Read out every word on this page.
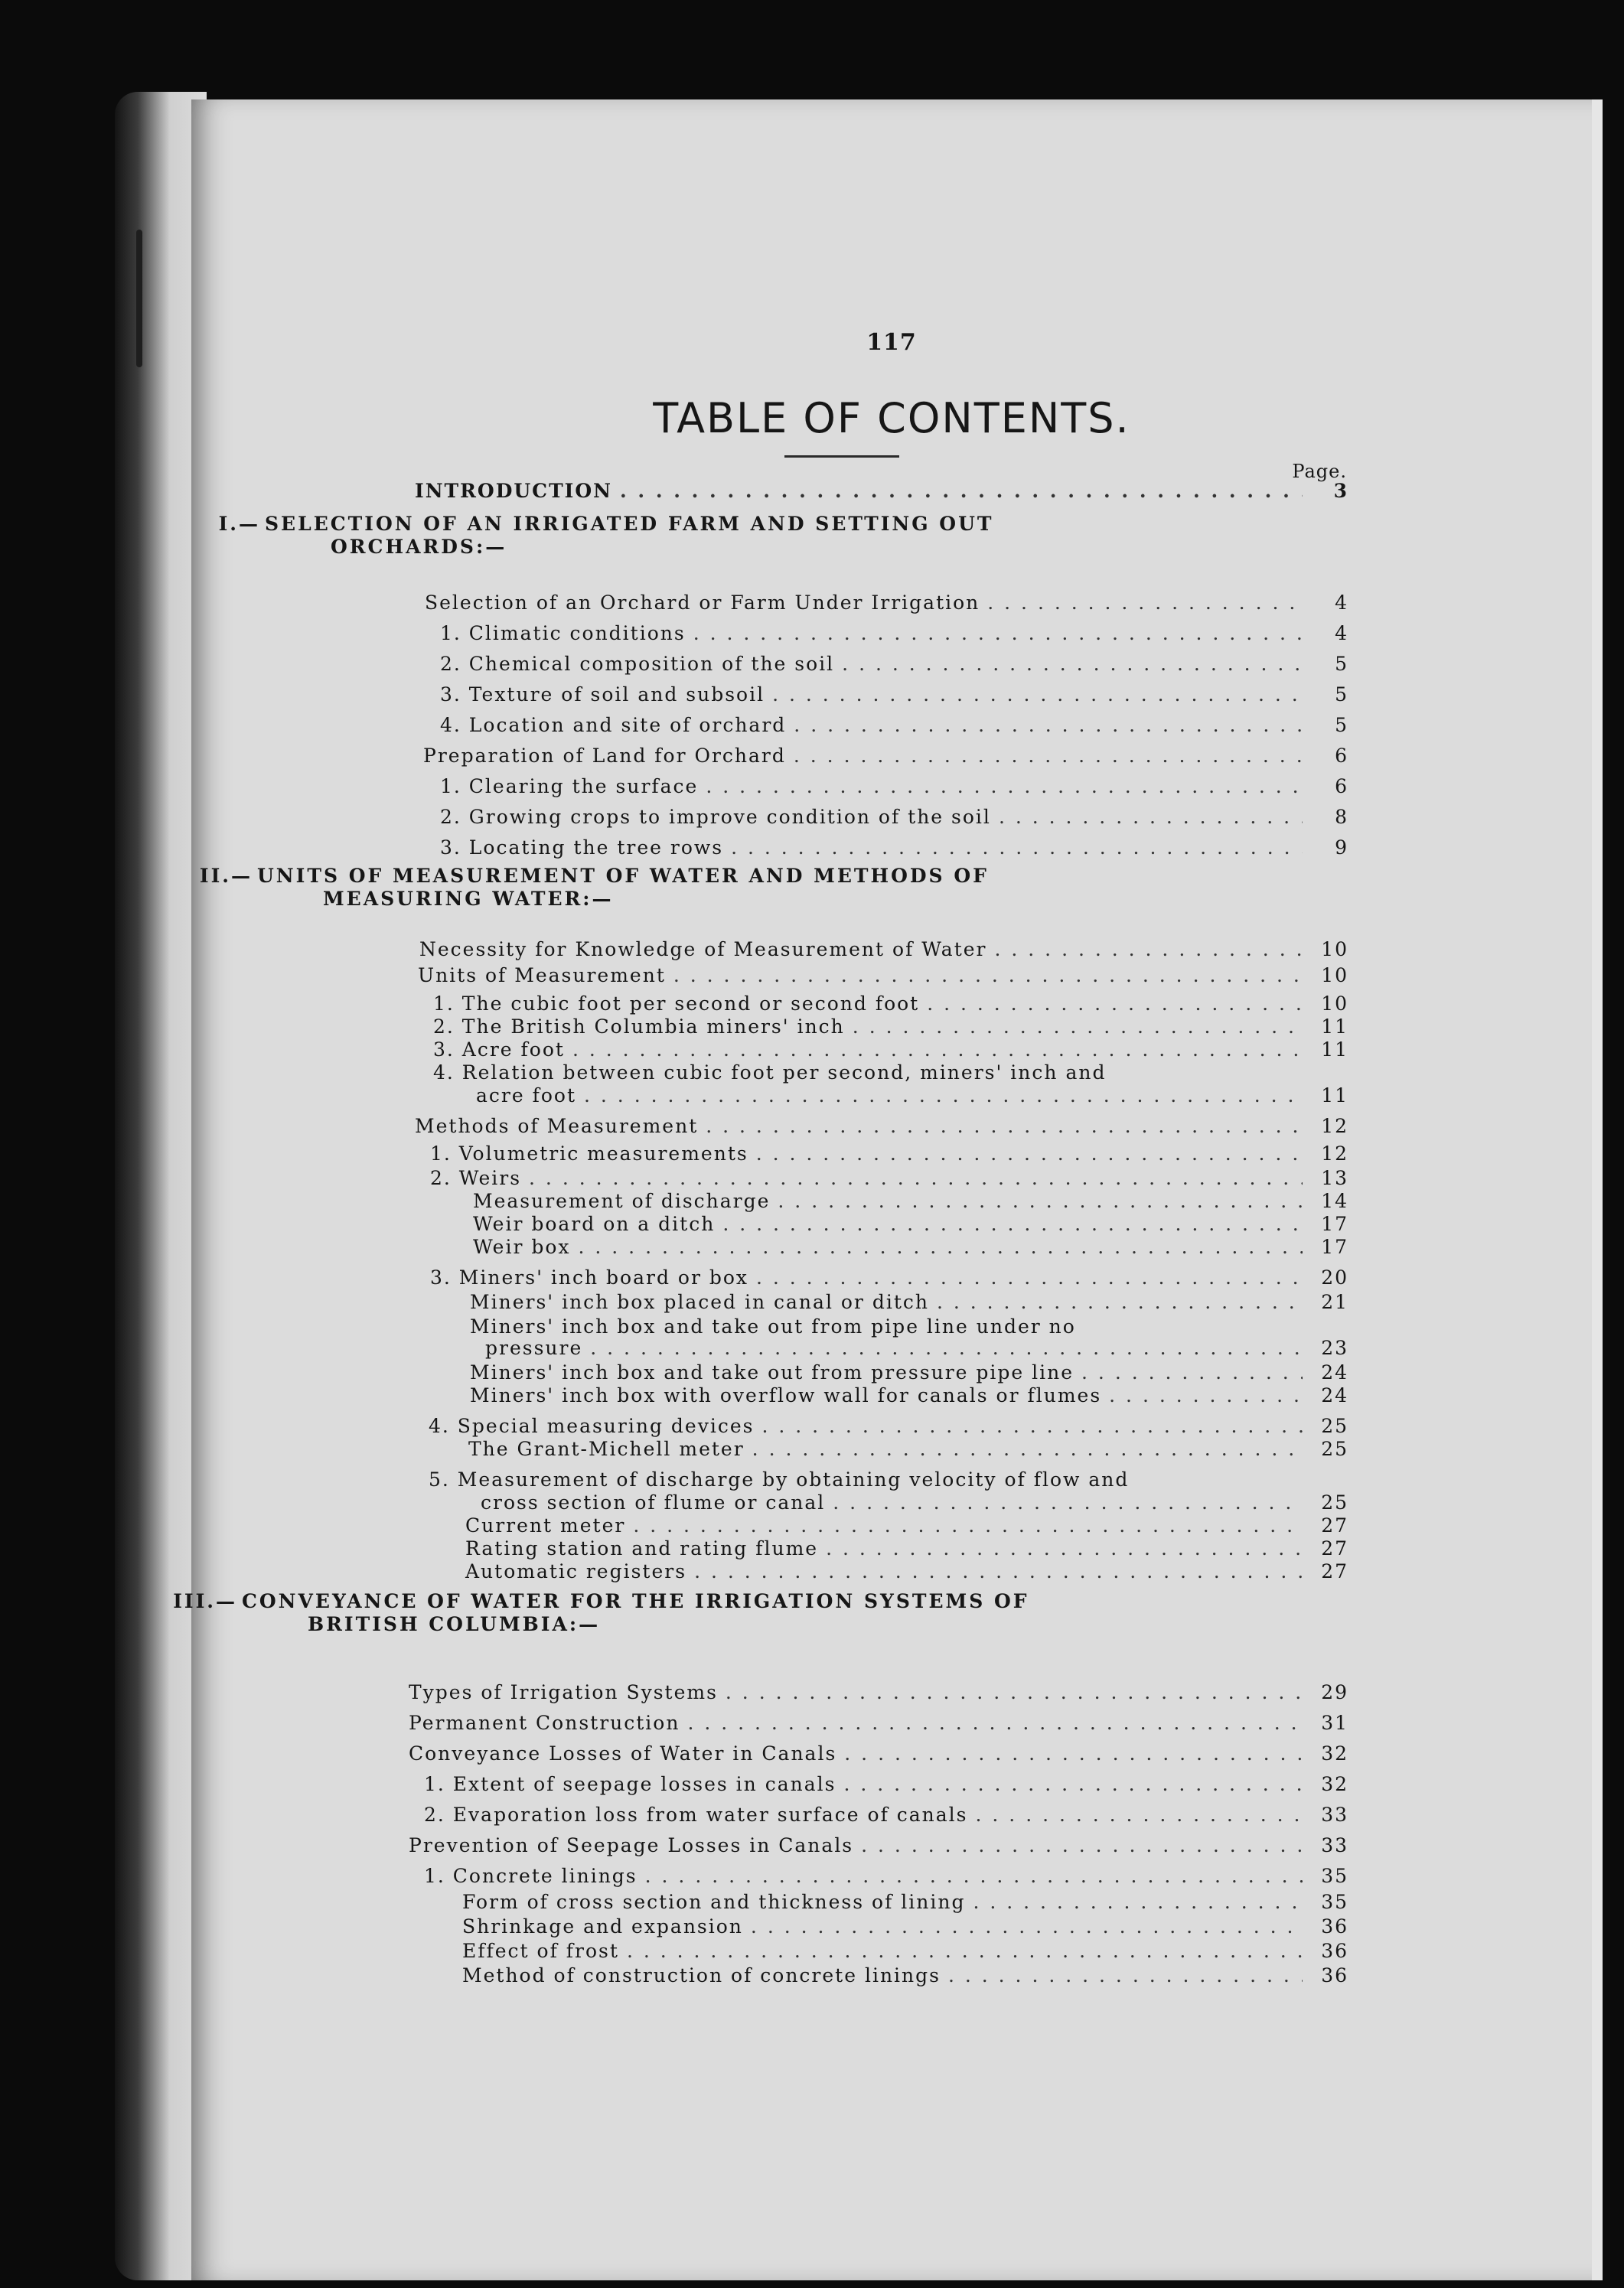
117
TABLE OF CONTENTS.
Page.
INTRODUCTION . . .	3
I.— SELECTION OF AN IRRIGATED FARM AND SETTING OUT
ORCHARDS:—
Selection of an Orchard or Farm Under Irrigation . . .	4
1. Climatic conditions . . .	4
2. Chemical composition of the soil . . .	5
3. Texture of soil and subsoil . . .	5
4. Location and site of orchard . . .	5
Preparation of Land for Orchard . . .	6
1. Clearing the surface . . .	6
2. Growing crops to improve condition of the soil . . .	8
3. Locating the tree rows . . .	9
II.— UNITS OF MEASUREMENT OF WATER AND METHODS OF
MEASURING WATER:—
Necessity for Knowledge of Measurement of Water . . .	10
Units of Measurement . . .	10
1. The cubic foot per second or second foot . . .	10
2. The British Columbia miners' inch . . .	11
3. Acre foot . . .	11
4. Relation between cubic foot per second, miners' inch and
acre foot . . .	11
Methods of Measurement . . .	12
1. Volumetric measurements . . .	12
2. Weirs . . .	13
Measurement of discharge . . .	14
Weir board on a ditch . . .	17
Weir box . . .	17
3. Miners' inch board or box . . .	20
Miners' inch box placed in canal or ditch . . .	21
Miners' inch box and take out from pipe line under no
pressure . . .	23
Miners' inch box and take out from pressure pipe line . . .	24
Miners' inch box with overflow wall for canals or flumes . . .	24
4. Special measuring devices . . .	25
The Grant-Michell meter . . .	25
5. Measurement of discharge by obtaining velocity of flow and
cross section of flume or canal . . .	25
Current meter . . .	27
Rating station and rating flume . . .	27
Automatic registers . . .	27
III.— CONVEYANCE OF WATER FOR THE IRRIGATION SYSTEMS OF
BRITISH COLUMBIA:—
Types of Irrigation Systems . . .	29
Permanent Construction . . .	31
Conveyance Losses of Water in Canals . . .	32
1. Extent of seepage losses in canals . . .	32
2. Evaporation loss from water surface of canals . . .	33
Prevention of Seepage Losses in Canals . . .	33
1. Concrete linings . . .	35
Form of cross section and thickness of lining . . .	35
Shrinkage and expansion . . .	36
Effect of frost . . .	36
Method of construction of concrete linings . . .	36
